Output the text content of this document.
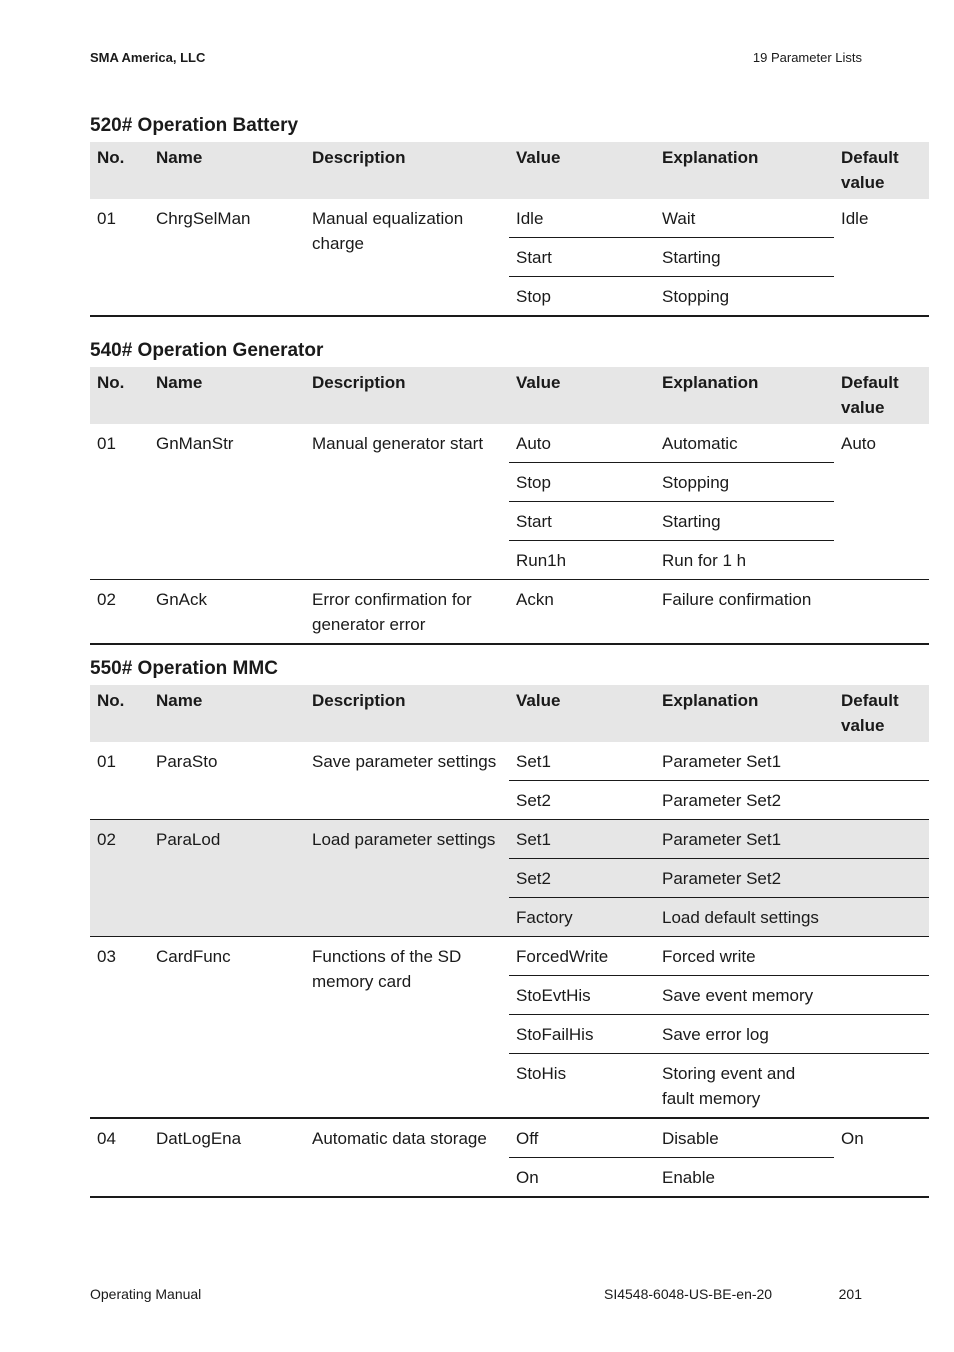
SMA America, LLC	19 Parameter Lists
520# Operation Battery
No.	Name	Description	Value	Explanation	Default value
01	ChrgSelMan	Manual equalization charge	Idle	Wait	Idle
			Start	Starting	
			Stop	Stopping	
540# Operation Generator
No.	Name	Description	Value	Explanation	Default value
01	GnManStr	Manual generator start	Auto	Automatic	Auto
			Stop	Stopping	
			Start	Starting	
			Run1h	Run for 1 h	
02	GnAck	Error confirmation for generator error	Ackn	Failure confirmation	
550# Operation MMC
No.	Name	Description	Value	Explanation	Default value
01	ParaSto	Save parameter settings	Set1	Parameter Set1	
			Set2	Parameter Set2	
02	ParaLod	Load parameter settings	Set1	Parameter Set1	
			Set2	Parameter Set2	
			Factory	Load default settings	
03	CardFunc	Functions of the SD memory card	ForcedWrite	Forced write	
			StoEvtHis	Save event memory	
			StoFailHis	Save error log	
			StoHis	Storing event and fault memory	
04	DatLogEna	Automatic data storage	Off	Disable	On
			On	Enable	
Operating Manual	SI4548-6048-US-BE-en-20	201
